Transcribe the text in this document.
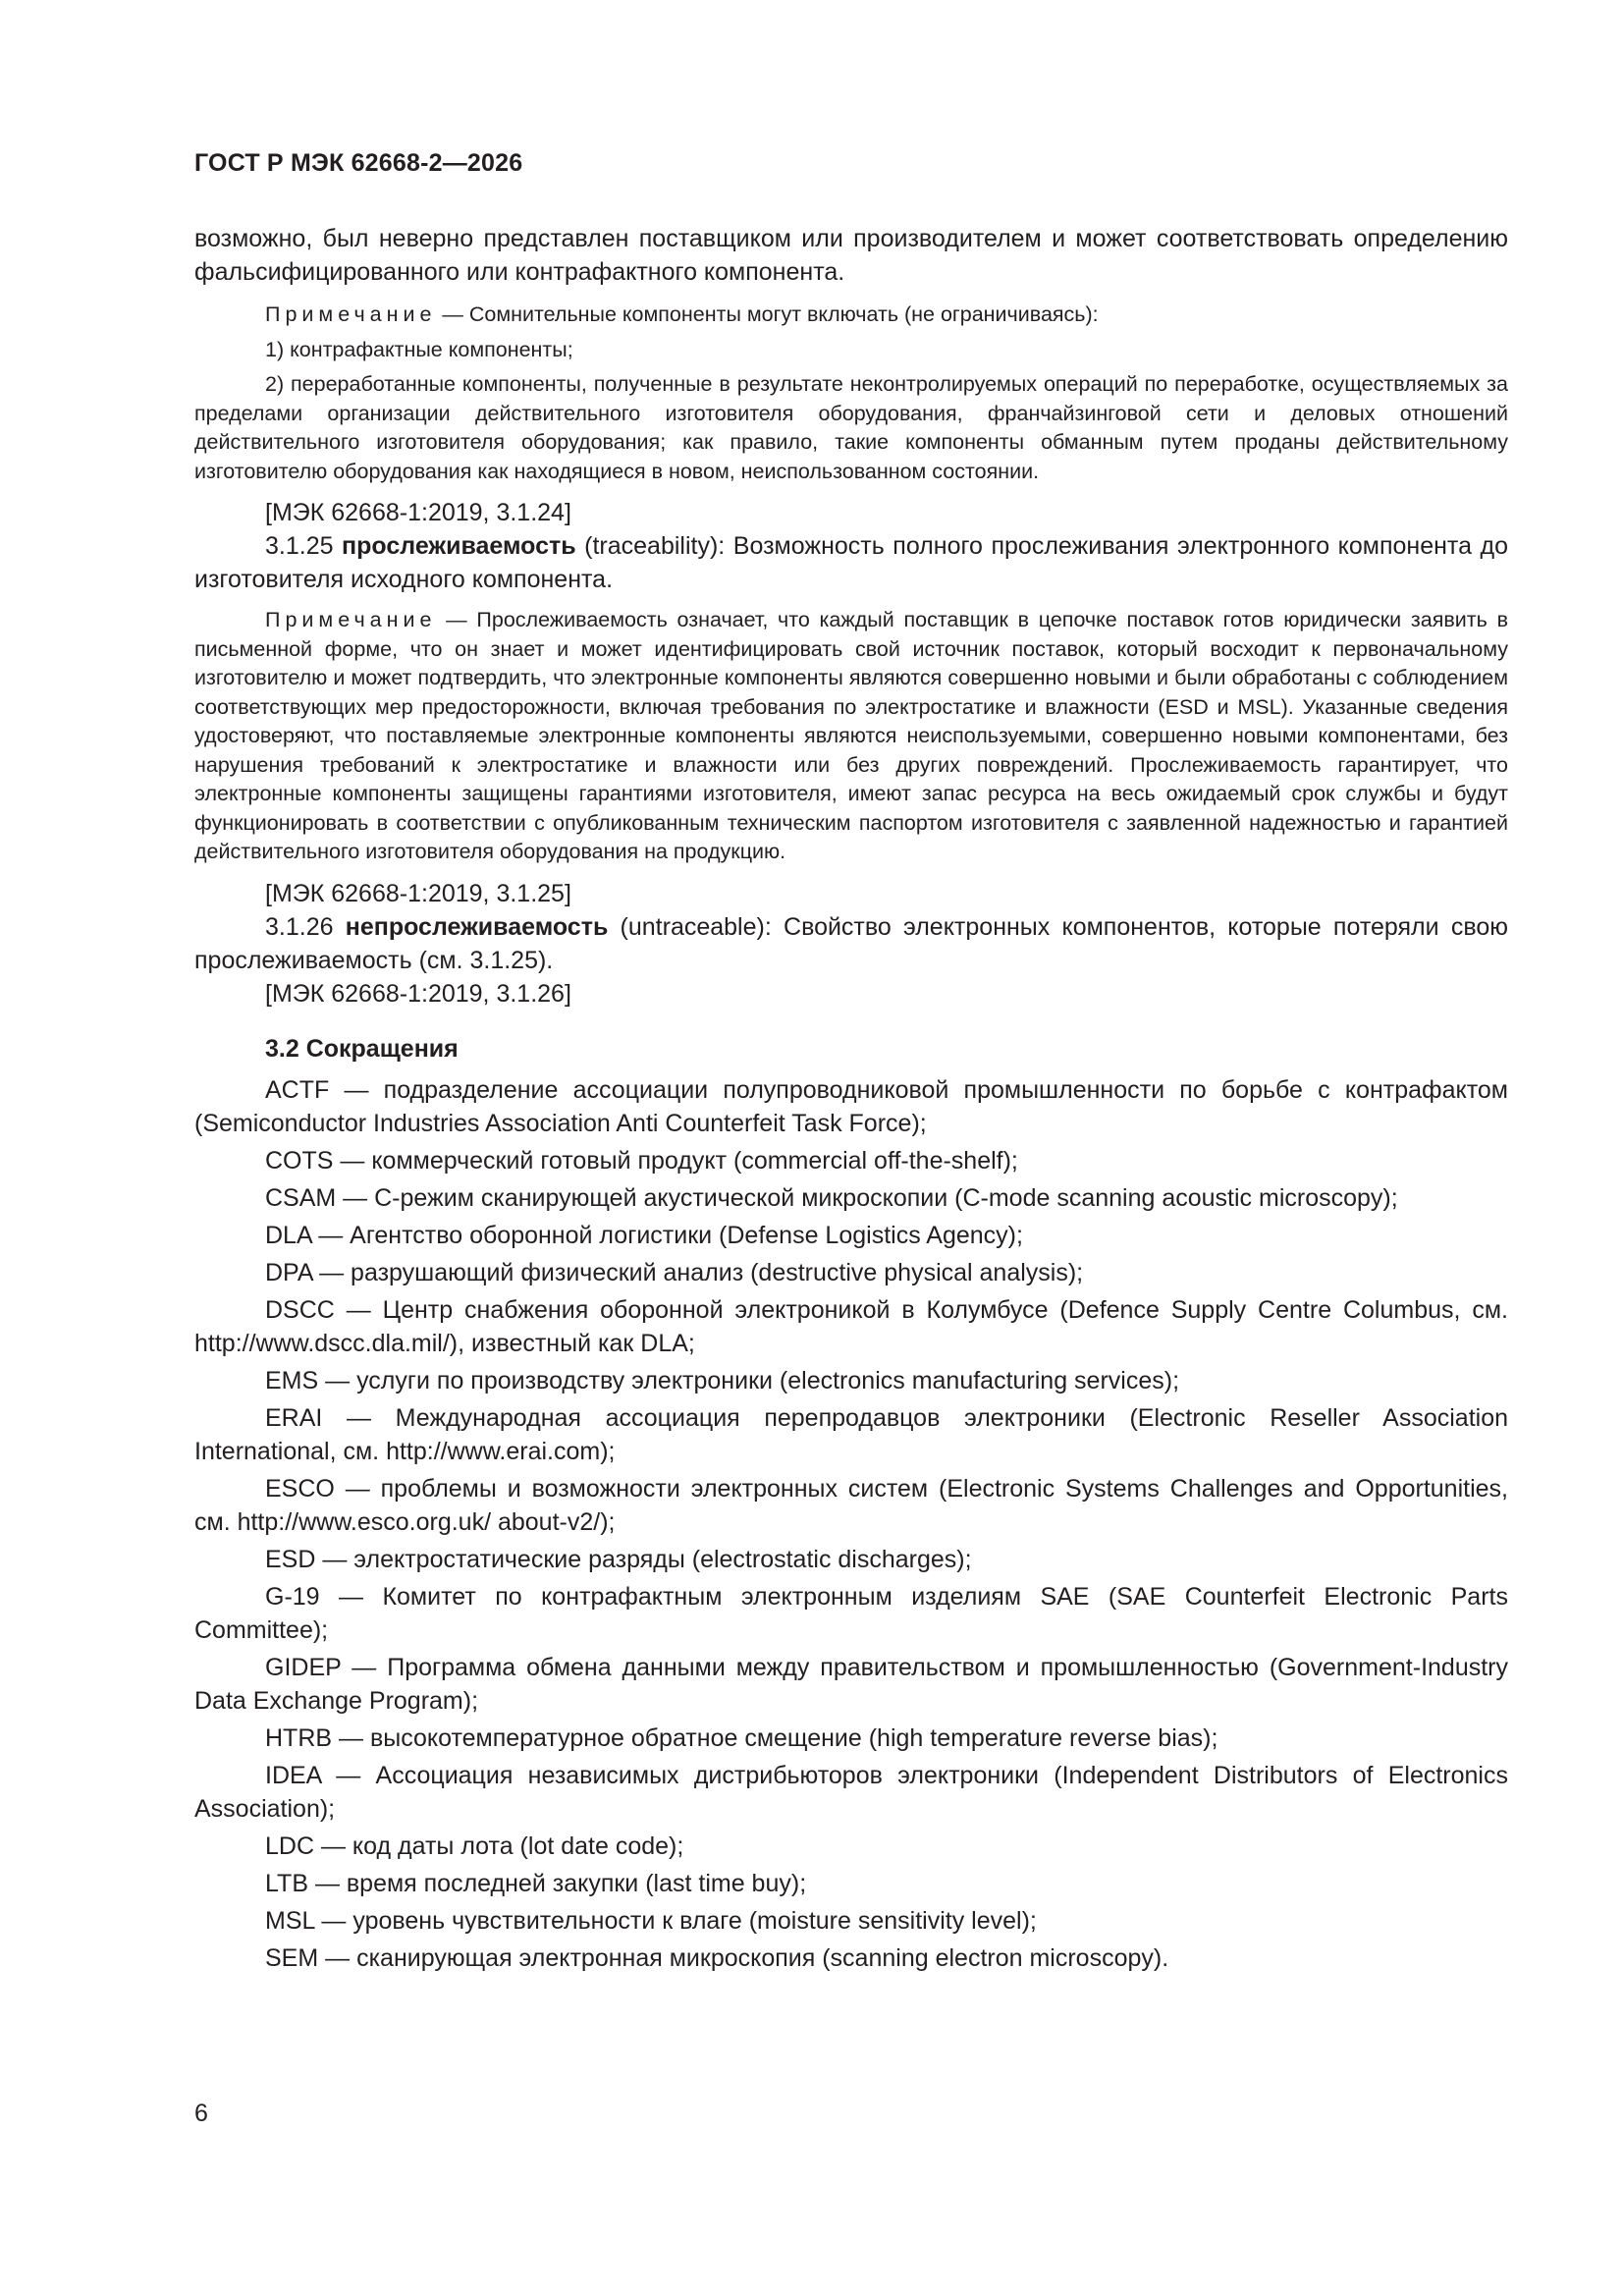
ГОСТ Р МЭК 62668-2—2026

возможно, был неверно представлен поставщиком или производителем и может соответствовать определению фальсифицированного или контрафактного компонента.

Примечание — Сомнительные компоненты могут включать (не ограничиваясь):

1) контрафактные компоненты;

2) переработанные компоненты, полученные в результате неконтролируемых операций по переработке, осуществляемых за пределами организации действительного изготовителя оборудования, франчайзинговой сети и деловых отношений действительного изготовителя оборудования; как правило, такие компоненты обманным путем проданы действительному изготовителю оборудования как находящиеся в новом, неиспользованном состоянии.

[МЭК 62668-1:2019, 3.1.24]

3.1.25 прослеживаемость (traceability): Возможность полного прослеживания электронного компонента до изготовителя исходного компонента.

Примечание — Прослеживаемость означает, что каждый поставщик в цепочке поставок готов юридически заявить в письменной форме, что он знает и может идентифицировать свой источник поставок, который восходит к первоначальному изготовителю и может подтвердить, что электронные компоненты являются совершенно новыми и были обработаны с соблюдением соответствующих мер предосторожности, включая требования по электростатике и влажности (ESD и MSL). Указанные сведения удостоверяют, что поставляемые электронные компоненты являются неиспользуемыми, совершенно новыми компонентами, без нарушения требований к электростатике и влажности или без других повреждений. Прослеживаемость гарантирует, что электронные компоненты защищены гарантиями изготовителя, имеют запас ресурса на весь ожидаемый срок службы и будут функционировать в соответствии с опубликованным техническим паспортом изготовителя с заявленной надежностью и гарантией действительного изготовителя оборудования на продукцию.

[МЭК 62668-1:2019, 3.1.25]

3.1.26 непрослеживаемость (untraceable): Свойство электронных компонентов, которые потеряли свою прослеживаемость (см. 3.1.25).

[МЭК 62668-1:2019, 3.1.26]

3.2 Сокращения

ACTF — подразделение ассоциации полупроводниковой промышленности по борьбе с контрафактом (Semiconductor Industries Association Anti Counterfeit Task Force);

COTS — коммерческий готовый продукт (commercial off-the-shelf);

CSAM — С-режим сканирующей акустической микроскопии (C-mode scanning acoustic microscopy);

DLA — Агентство оборонной логистики (Defense Logistics Agency);

DPA — разрушающий физический анализ (destructive physical analysis);

DSCC — Центр снабжения оборонной электроникой в Колумбусе (Defence Supply Centre Columbus, см. http://www.dscc.dla.mil/), известный как DLA;

EMS — услуги по производству электроники (electronics manufacturing services);

ERAI — Международная ассоциация перепродавцов электроники (Electronic Reseller Association International, см. http://www.erai.com);

ESCO — проблемы и возможности электронных систем (Electronic Systems Challenges and Opportunities, см. http://www.esco.org.uk/ about-v2/);

ESD — электростатические разряды (electrostatic discharges);

G-19 — Комитет по контрафактным электронным изделиям SAE (SAE Counterfeit Electronic Parts Committee);

GIDEP — Программа обмена данными между правительством и промышленностью (Government-Industry Data Exchange Program);

HTRB — высокотемпературное обратное смещение (high temperature reverse bias);

IDEA — Ассоциация независимых дистрибьюторов электроники (Independent Distributors of Electronics Association);

LDC — код даты лота (lot date code);

LTB — время последней закупки (last time buy);

MSL — уровень чувствительности к влаге (moisture sensitivity level);

SEM — сканирующая электронная микроскопия (scanning electron microscopy).

6
